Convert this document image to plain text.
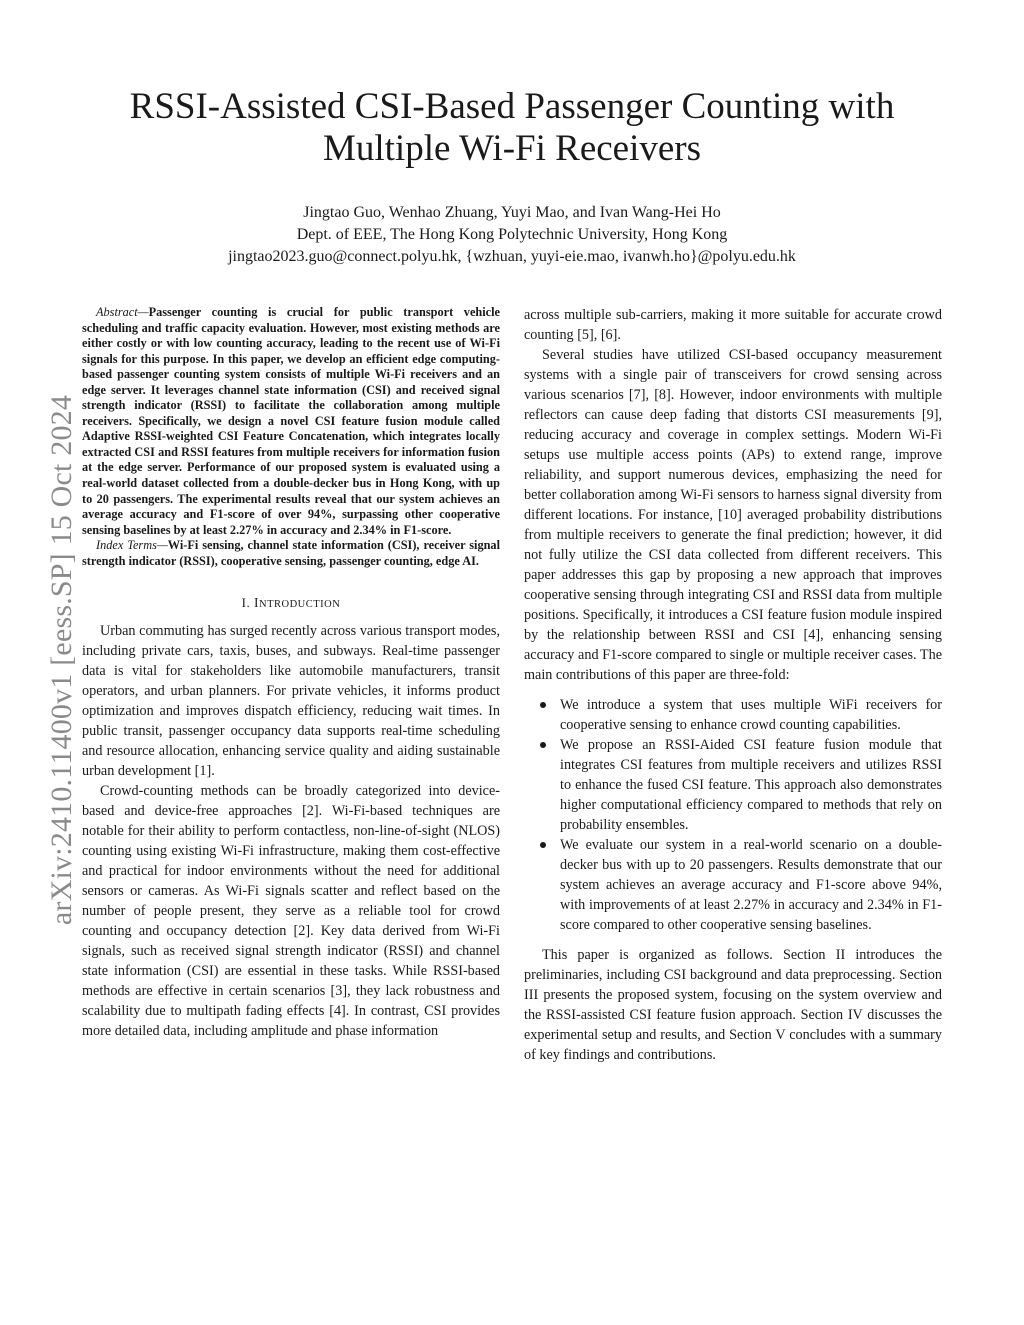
arXiv:2410.11400v1 [eess.SP] 15 Oct 2024
RSSI-Assisted CSI-Based Passenger Counting with
Multiple Wi-Fi Receivers
Jingtao Guo, Wenhao Zhuang, Yuyi Mao, and Ivan Wang-Hei Ho
Dept. of EEE, The Hong Kong Polytechnic University, Hong Kong
jingtao2023.guo@connect.polyu.hk, {wzhuan, yuyi-eie.mao, ivanwh.ho}@polyu.edu.hk

Abstract—Passenger counting is crucial for public transport vehicle scheduling and traffic capacity evaluation. However, most existing methods are either costly or with low counting accuracy, leading to the recent use of Wi-Fi signals for this purpose. In this paper, we develop an efficient edge computing-based passenger counting system consists of multiple Wi-Fi receivers and an edge server. It leverages channel state information (CSI) and received signal strength indicator (RSSI) to facilitate the collaboration among multiple receivers. Specifically, we design a novel CSI feature fusion module called Adaptive RSSI-weighted CSI Feature Concatenation, which integrates locally extracted CSI and RSSI features from multiple receivers for information fusion at the edge server. Performance of our proposed system is evaluated using a real-world dataset collected from a double-decker bus in Hong Kong, with up to 20 passengers. The experimental results reveal that our system achieves an average accuracy and F1-score of over 94%, surpassing other cooperative sensing baselines by at least 2.27% in accuracy and 2.34% in F1-score.

Index Terms—Wi-Fi sensing, channel state information (CSI), receiver signal strength indicator (RSSI), cooperative sensing, passenger counting, edge AI.

I. INTRODUCTION

Urban commuting has surged recently across various transport modes, including private cars, taxis, buses, and subways. Real-time passenger data is vital for stakeholders like automobile manufacturers, transit operators, and urban planners. For private vehicles, it informs product optimization and improves dispatch efficiency, reducing wait times. In public transit, passenger occupancy data supports real-time scheduling and resource allocation, enhancing service quality and aiding sustainable urban development [1].

Crowd-counting methods can be broadly categorized into device-based and device-free approaches [2]. Wi-Fi-based techniques are notable for their ability to perform contactless, non-line-of-sight (NLOS) counting using existing Wi-Fi infrastructure, making them cost-effective and practical for indoor environments without the need for additional sensors or cameras. As Wi-Fi signals scatter and reflect based on the number of people present, they serve as a reliable tool for crowd counting and occupancy detection [2]. Key data derived from Wi-Fi signals, such as received signal strength indicator (RSSI) and channel state information (CSI) are essential in these tasks. While RSSI-based methods are effective in certain scenarios [3], they lack robustness and scalability due to multipath fading effects [4]. In contrast, CSI provides more detailed data, including amplitude and phase information

across multiple sub-carriers, making it more suitable for accurate crowd counting [5], [6].

Several studies have utilized CSI-based occupancy measurement systems with a single pair of transceivers for crowd sensing across various scenarios [7], [8]. However, indoor environments with multiple reflectors can cause deep fading that distorts CSI measurements [9], reducing accuracy and coverage in complex settings. Modern Wi-Fi setups use multiple access points (APs) to extend range, improve reliability, and support numerous devices, emphasizing the need for better collaboration among Wi-Fi sensors to harness signal diversity from different locations. For instance, [10] averaged probability distributions from multiple receivers to generate the final prediction; however, it did not fully utilize the CSI data collected from different receivers. This paper addresses this gap by proposing a new approach that improves cooperative sensing through integrating CSI and RSSI data from multiple positions. Specifically, it introduces a CSI feature fusion module inspired by the relationship between RSSI and CSI [4], enhancing sensing accuracy and F1-score compared to single or multiple receiver cases. The main contributions of this paper are three-fold:

We introduce a system that uses multiple WiFi receivers for cooperative sensing to enhance crowd counting capabilities.
We propose an RSSI-Aided CSI feature fusion module that integrates CSI features from multiple receivers and utilizes RSSI to enhance the fused CSI feature. This approach also demonstrates higher computational efficiency compared to methods that rely on probability ensembles.
We evaluate our system in a real-world scenario on a double-decker bus with up to 20 passengers. Results demonstrate that our system achieves an average accuracy and F1-score above 94%, with improvements of at least 2.27% in accuracy and 2.34% in F1-score compared to other cooperative sensing baselines.

This paper is organized as follows. Section II introduces the preliminaries, including CSI background and data preprocessing. Section III presents the proposed system, focusing on the system overview and the RSSI-assisted CSI feature fusion approach. Section IV discusses the experimental setup and results, and Section V concludes with a summary of key findings and contributions.
